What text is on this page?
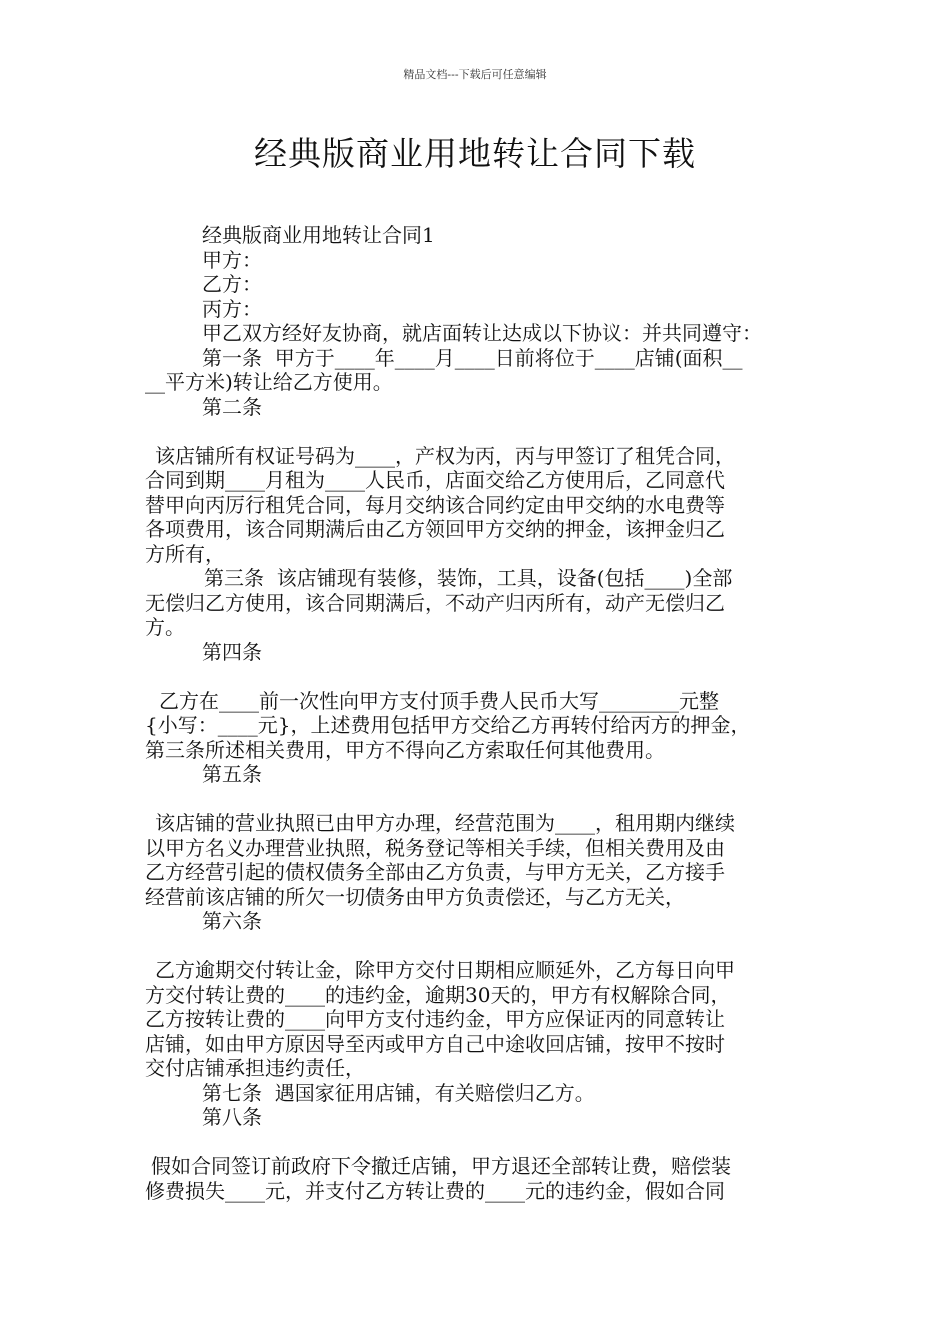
精品文档---下载后可任意编辑
经典版商业用地转让合同下载
经典版商业用地转让合同1
甲方：
乙方：
丙方：
甲乙双方经好友协商，就店面转让达成以下协议：并共同遵守：
第一条  甲方于____年____月____日前将位于____店铺(面积__
__平方米)转让给乙方使用。
第二条
该店铺所有权证号码为____，产权为丙，丙与甲签订了租凭合同，
合同到期____月租为____人民币，店面交给乙方使用后，乙同意代
替甲向丙厉行租凭合同，每月交纳该合同约定由甲交纳的水电费等
各项费用，该合同期满后由乙方领回甲方交纳的押金，该押金归乙
方所有，
第三条  该店铺现有装修，装饰，工具，设备(包括____)全部
无偿归乙方使用，该合同期满后，不动产归丙所有，动产无偿归乙
方。
第四条
乙方在____前一次性向甲方支付顶手费人民币大写________元整
{小写：____元}，上述费用包括甲方交给乙方再转付给丙方的押金，
第三条所述相关费用，甲方不得向乙方索取任何其他费用。
第五条
该店铺的营业执照已由甲方办理，经营范围为____，租用期内继续
以甲方名义办理营业执照，税务登记等相关手续，但相关费用及由
乙方经营引起的债权债务全部由乙方负责，与甲方无关，乙方接手
经营前该店铺的所欠一切债务由甲方负责偿还，与乙方无关，
第六条
乙方逾期交付转让金，除甲方交付日期相应顺延外，乙方每日向甲
方交付转让费的____的违约金，逾期30天的，甲方有权解除合同，
乙方按转让费的____向甲方支付违约金，甲方应保证丙的同意转让
店铺，如由甲方原因导至丙或甲方自己中途收回店铺，按甲不按时
交付店铺承担违约责任，
第七条  遇国家征用店铺，有关赔偿归乙方。
第八条
假如合同签订前政府下令撤迁店铺，甲方退还全部转让费，赔偿装
修费损失____元，并支付乙方转让费的____元的违约金，假如合同
